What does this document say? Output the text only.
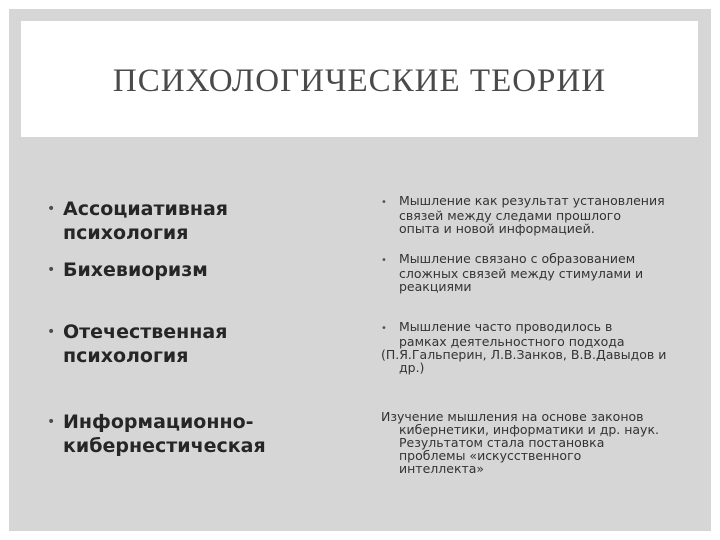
ПСИХОЛОГИЧЕСКИЕ ТЕОРИИ
• Ассоциативная
психология
• Бихевиоризм
• Отечественная
психология
• Информационно-
кибернестическая
• Мышление как результат установления
связей между следами прошлого
опыта и новой информацией.
• Мышление связано с образованием
сложных связей между стимулами и
реакциями
• Мышление часто проводилось в
рамках деятельностного подхода
(П.Я.Гальперин, Л.В.Занков, В.В.Давыдов и
др.)
Изучение мышления на основе законов
кибернетики, информатики и др. наук.
Результатом стала постановка
проблемы «искусственного
интеллекта»
